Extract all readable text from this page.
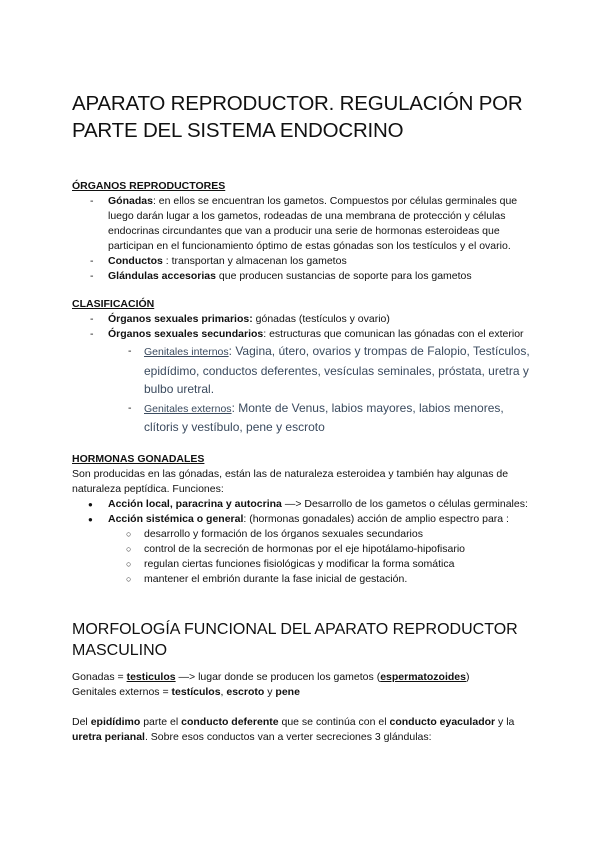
APARATO REPRODUCTOR. REGULACIÓN POR PARTE DEL SISTEMA ENDOCRINO

ÓRGANOS REPRODUCTORES

- Gónadas: en ellos se encuentran los gametos. Compuestos por células germinales que luego darán lugar a los gametos, rodeadas de una membrana de protección y células endocrinas circundantes que van a producir una serie de hormonas esteroideas que participan en el funcionamiento óptimo de estas gónadas son los testículos y el ovario.
- Conductos : transportan y almacenan los gametos
- Glándulas accesorias que producen sustancias de soporte para los gametos

CLASIFICACIÓN

- Órganos sexuales primarios: gónadas (testículos y ovario)
- Órganos sexuales secundarios: estructuras que comunican las gónadas con el exterior
- Genitales internos: Vagina, útero, ovarios y trompas de Falopio, Testículos, epidídimo, conductos deferentes, vesículas seminales, próstata, uretra y bulbo uretral.
- Genitales externos: Monte de Venus, labios mayores, labios menores, clítoris y vestíbulo, pene y escroto

HORMONAS GONADALES

Son producidas en las gónadas, están las de naturaleza esteroidea y también hay algunas de naturaleza peptídica. Funciones:

● Acción local, paracrina y autocrina —> Desarrollo de los gametos o células germinales:
● Acción sistémica o general: (hormonas gonadales) acción de amplio espectro para :
○ desarrollo y formación de los órganos sexuales secundarios
○ control de la secreción de hormonas por el eje hipotálamo-hipofisario
○ regulan ciertas funciones fisiológicas y modificar la forma somática
○ mantener el embrión durante la fase inicial de gestación.
MORFOLOGÍA FUNCIONAL DEL APARATO REPRODUCTOR MASCULINO

Gonadas = testiculos —> lugar donde se producen los gametos (espermatozoides)

Genitales externos = testículos, escroto y pene

Del epidídimo parte el conducto deferente que se continúa con el conducto eyaculador y la uretra perianal. Sobre esos conductos van a verter secreciones 3 glándulas:
